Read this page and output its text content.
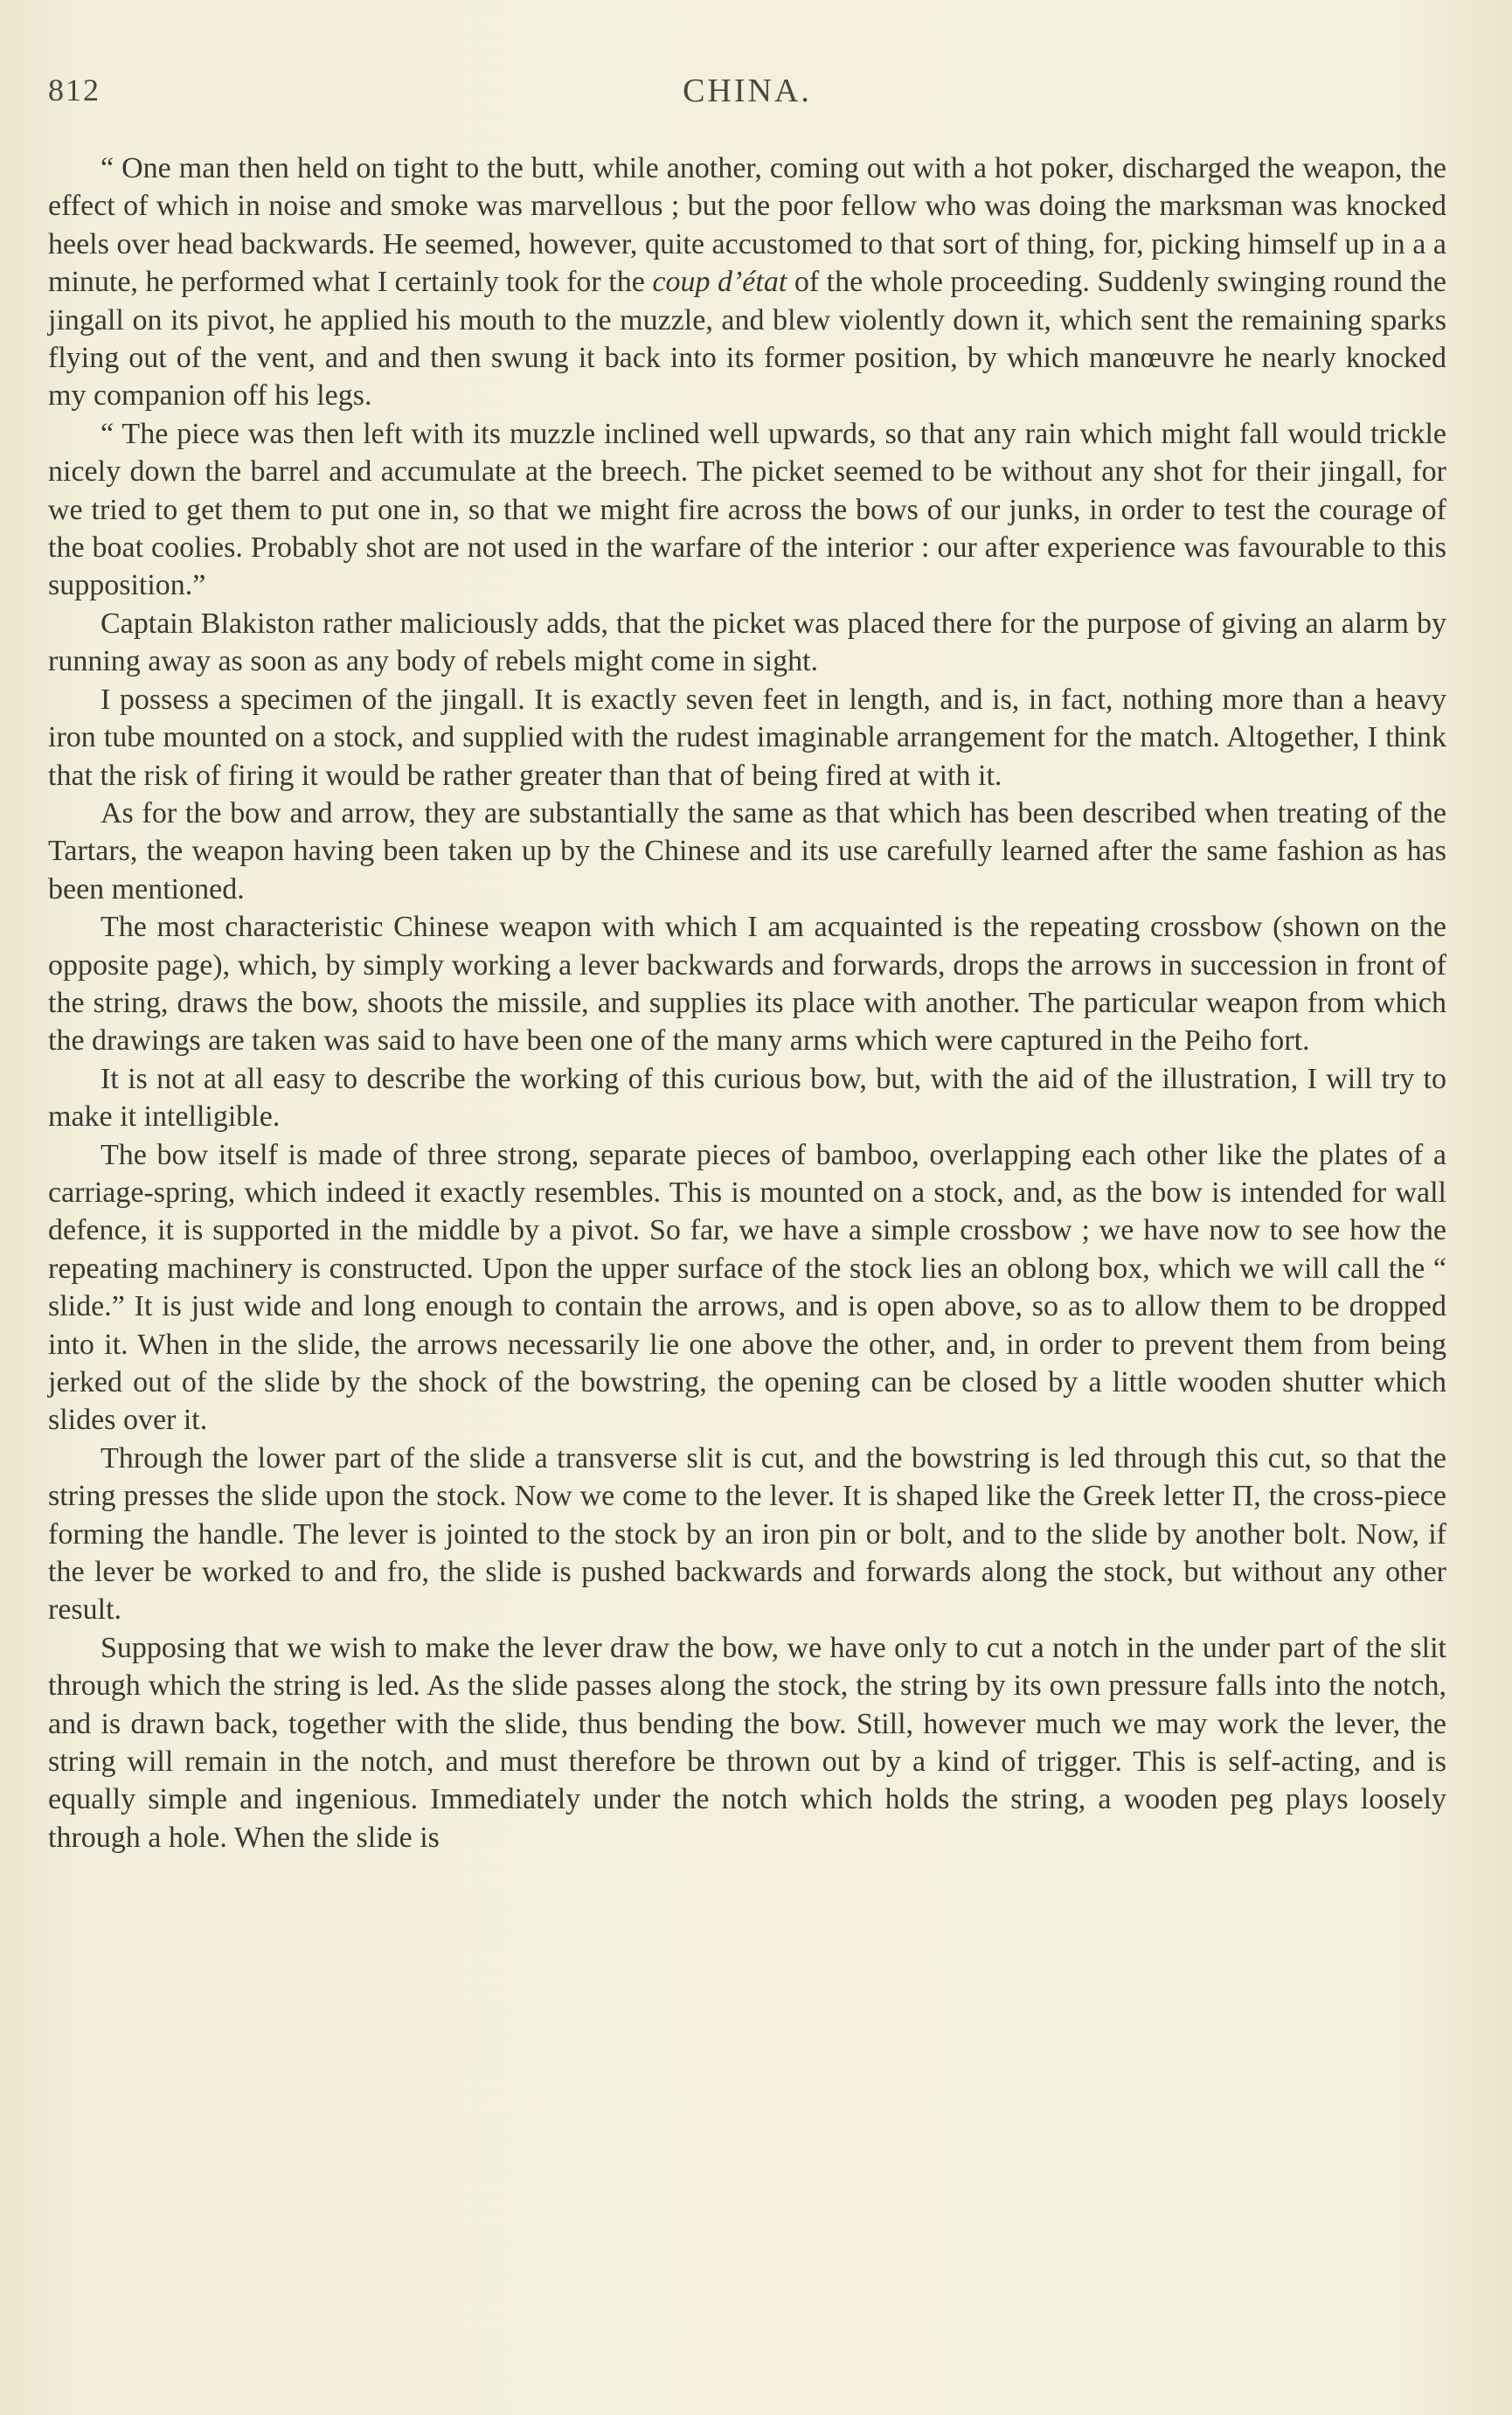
812	CHINA.

“ One man then held on tight to the butt, while another, coming out with a hot poker, discharged the weapon, the effect of which in noise and smoke was marvellous ; but the poor fellow who was doing the marksman was knocked heels over head backwards. He seemed, however, quite accustomed to that sort of thing, for, picking himself up in a a minute, he performed what I certainly took for the coup d’état of the whole proceeding. Suddenly swinging round the jingall on its pivot, he applied his mouth to the muzzle, and blew violently down it, which sent the remaining sparks flying out of the vent, and and then swung it back into its former position, by which manœuvre he nearly knocked my companion off his legs.

“ The piece was then left with its muzzle inclined well upwards, so that any rain which might fall would trickle nicely down the barrel and accumulate at the breech. The picket seemed to be without any shot for their jingall, for we tried to get them to put one in, so that we might fire across the bows of our junks, in order to test the courage of the boat coolies. Probably shot are not used in the warfare of the interior : our after experience was favourable to this supposition.”

Captain Blakiston rather maliciously adds, that the picket was placed there for the purpose of giving an alarm by running away as soon as any body of rebels might come in sight.

I possess a specimen of the jingall. It is exactly seven feet in length, and is, in fact, nothing more than a heavy iron tube mounted on a stock, and supplied with the rudest imaginable arrangement for the match. Altogether, I think that the risk of firing it would be rather greater than that of being fired at with it.

As for the bow and arrow, they are substantially the same as that which has been described when treating of the Tartars, the weapon having been taken up by the Chinese and its use carefully learned after the same fashion as has been mentioned.

The most characteristic Chinese weapon with which I am acquainted is the repeating crossbow (shown on the opposite page), which, by simply working a lever backwards and forwards, drops the arrows in succession in front of the string, draws the bow, shoots the missile, and supplies its place with another. The particular weapon from which the drawings are taken was said to have been one of the many arms which were captured in the Peiho fort.

It is not at all easy to describe the working of this curious bow, but, with the aid of the illustration, I will try to make it intelligible.

The bow itself is made of three strong, separate pieces of bamboo, overlapping each other like the plates of a carriage-spring, which indeed it exactly resembles. This is mounted on a stock, and, as the bow is intended for wall defence, it is supported in the middle by a pivot. So far, we have a simple crossbow ; we have now to see how the repeating machinery is constructed. Upon the upper surface of the stock lies an oblong box, which we will call the “ slide.” It is just wide and long enough to contain the arrows, and is open above, so as to allow them to be dropped into it. When in the slide, the arrows necessarily lie one above the other, and, in order to prevent them from being jerked out of the slide by the shock of the bowstring, the opening can be closed by a little wooden shutter which slides over it.

Through the lower part of the slide a transverse slit is cut, and the bowstring is led through this cut, so that the string presses the slide upon the stock. Now we come to the lever. It is shaped like the Greek letter Π, the cross-piece forming the handle. The lever is jointed to the stock by an iron pin or bolt, and to the slide by another bolt. Now, if the lever be worked to and fro, the slide is pushed backwards and forwards along the stock, but without any other result.

Supposing that we wish to make the lever draw the bow, we have only to cut a notch in the under part of the slit through which the string is led. As the slide passes along the stock, the string by its own pressure falls into the notch, and is drawn back, together with the slide, thus bending the bow. Still, however much we may work the lever, the string will remain in the notch, and must therefore be thrown out by a kind of trigger. This is self-acting, and is equally simple and ingenious. Immediately under the notch which holds the string, a wooden peg plays loosely through a hole. When the slide is
